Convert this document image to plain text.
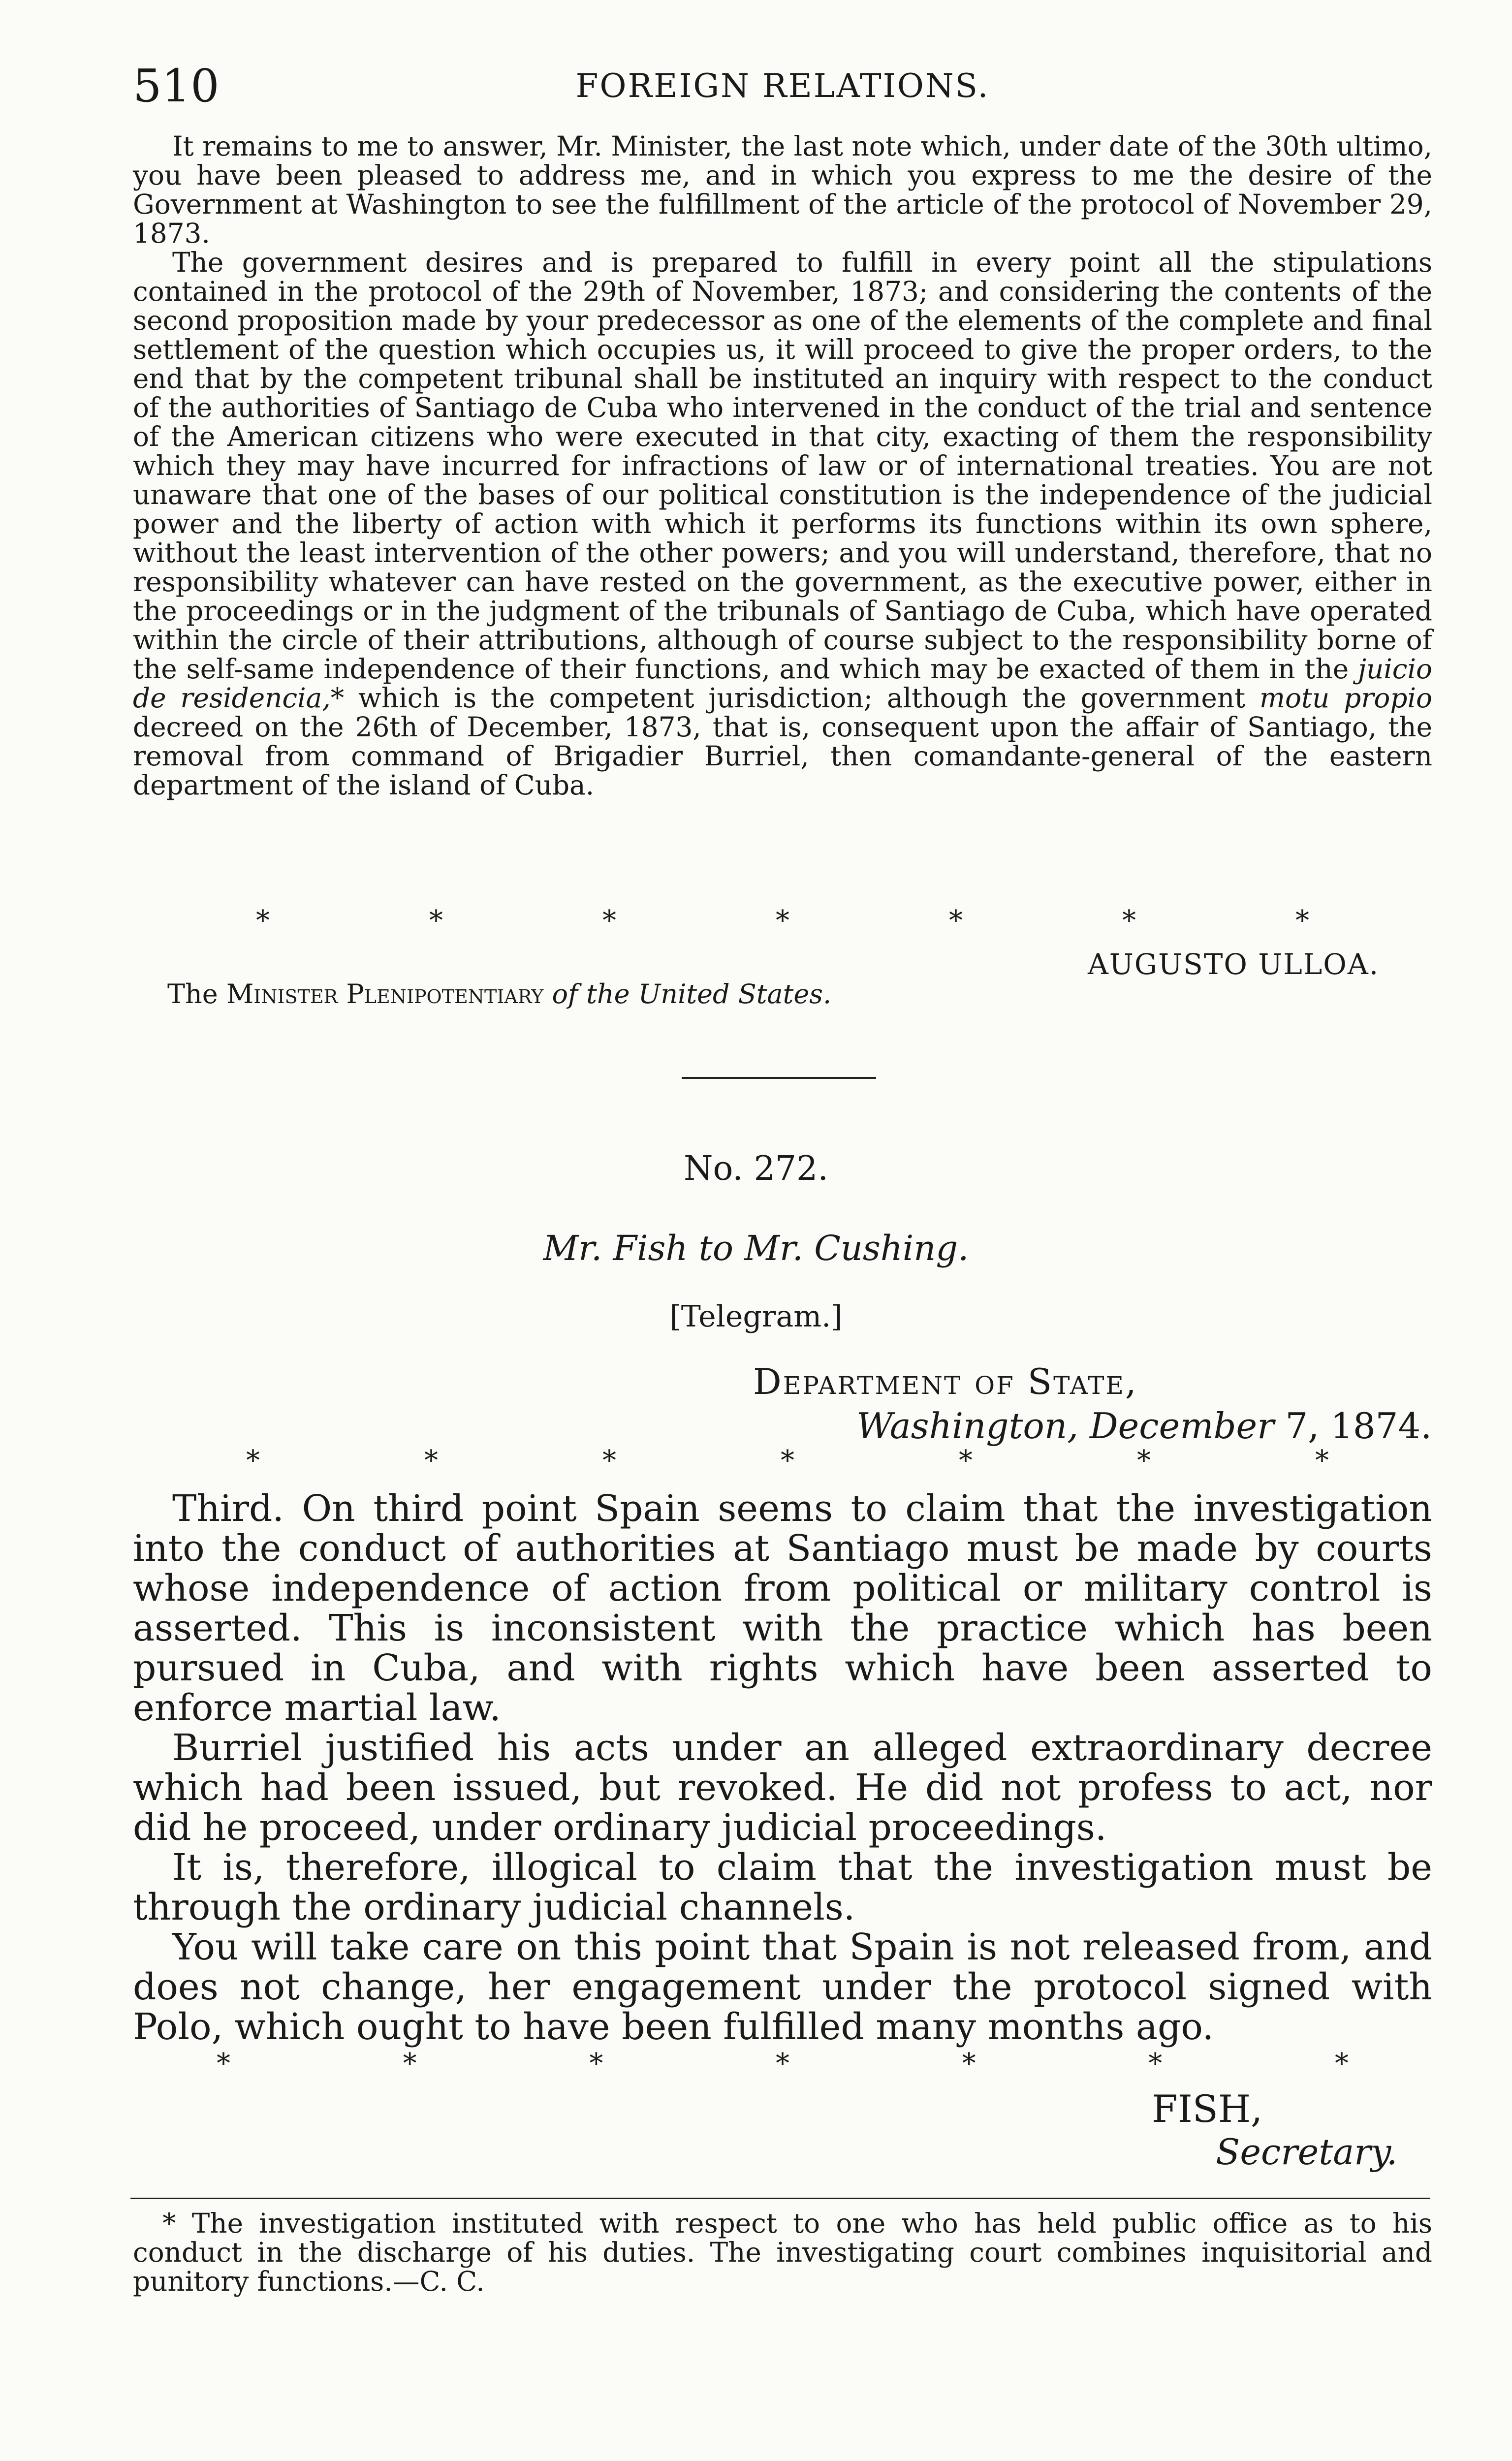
510	FOREIGN RELATIONS.

It remains to me to answer, Mr. Minister, the last note which, under date of the 30th ultimo, you have been pleased to address me, and in which you express to me the desire of the Government at Washington to see the fulfillment of the article of the protocol of November 29, 1873.

The government desires and is prepared to fulfill in every point all the stipulations contained in the protocol of the 29th of November, 1873; and considering the contents of the second proposition made by your predecessor as one of the elements of the complete and final settlement of the question which occupies us, it will proceed to give the proper orders, to the end that by the competent tribunal shall be instituted an inquiry with respect to the conduct of the authorities of Santiago de Cuba who intervened in the conduct of the trial and sentence of the American citizens who were executed in that city, exacting of them the responsibility which they may have incurred for infractions of law or of international treaties. You are not unaware that one of the bases of our political constitution is the independence of the judicial power and the liberty of action with which it performs its functions within its own sphere, without the least intervention of the other powers; and you will understand, therefore, that no responsibility whatever can have rested on the government, as the executive power, either in the proceedings or in the judgment of the tribunals of Santiago de Cuba, which have operated within the circle of their attributions, although of course subject to the responsibility borne of the self-same independence of their functions, and which may be exacted of them in the juicio de residencia,* which is the competent jurisdiction; although the government motu propio decreed on the 26th of December, 1873, that is, consequent upon the affair of Santiago, the removal from command of Brigadier Burriel, then comandante-general of the eastern department of the island of Cuba.

*	*	*	*	*	*	*
AUGUSTO ULLOA.
The Minister Plenipotentiary of the United States.
No. 272.
Mr. Fish to Mr. Cushing.
[Telegram.]
Department of State,
Washington, December 7, 1874.
*	*	*	*	*	*	*

Third. On third point Spain seems to claim that the investigation into the conduct of authorities at Santiago must be made by courts whose independence of action from political or military control is asserted. This is inconsistent with the practice which has been pursued in Cuba, and with rights which have been asserted to enforce martial law.

Burriel justified his acts under an alleged extraordinary decree which had been issued, but revoked. He did not profess to act, nor did he proceed, under ordinary judicial proceedings.

It is, therefore, illogical to claim that the investigation must be through the ordinary judicial channels.

You will take care on this point that Spain is not released from, and does not change, her engagement under the protocol signed with Polo, which ought to have been fulfilled many months ago.

*	*	*	*	*	*	*
FISH,
Secretary.

* The investigation instituted with respect to one who has held public office as to his conduct in the discharge of his duties. The investigating court combines inquisitorial and punitory functions.—C. C.
